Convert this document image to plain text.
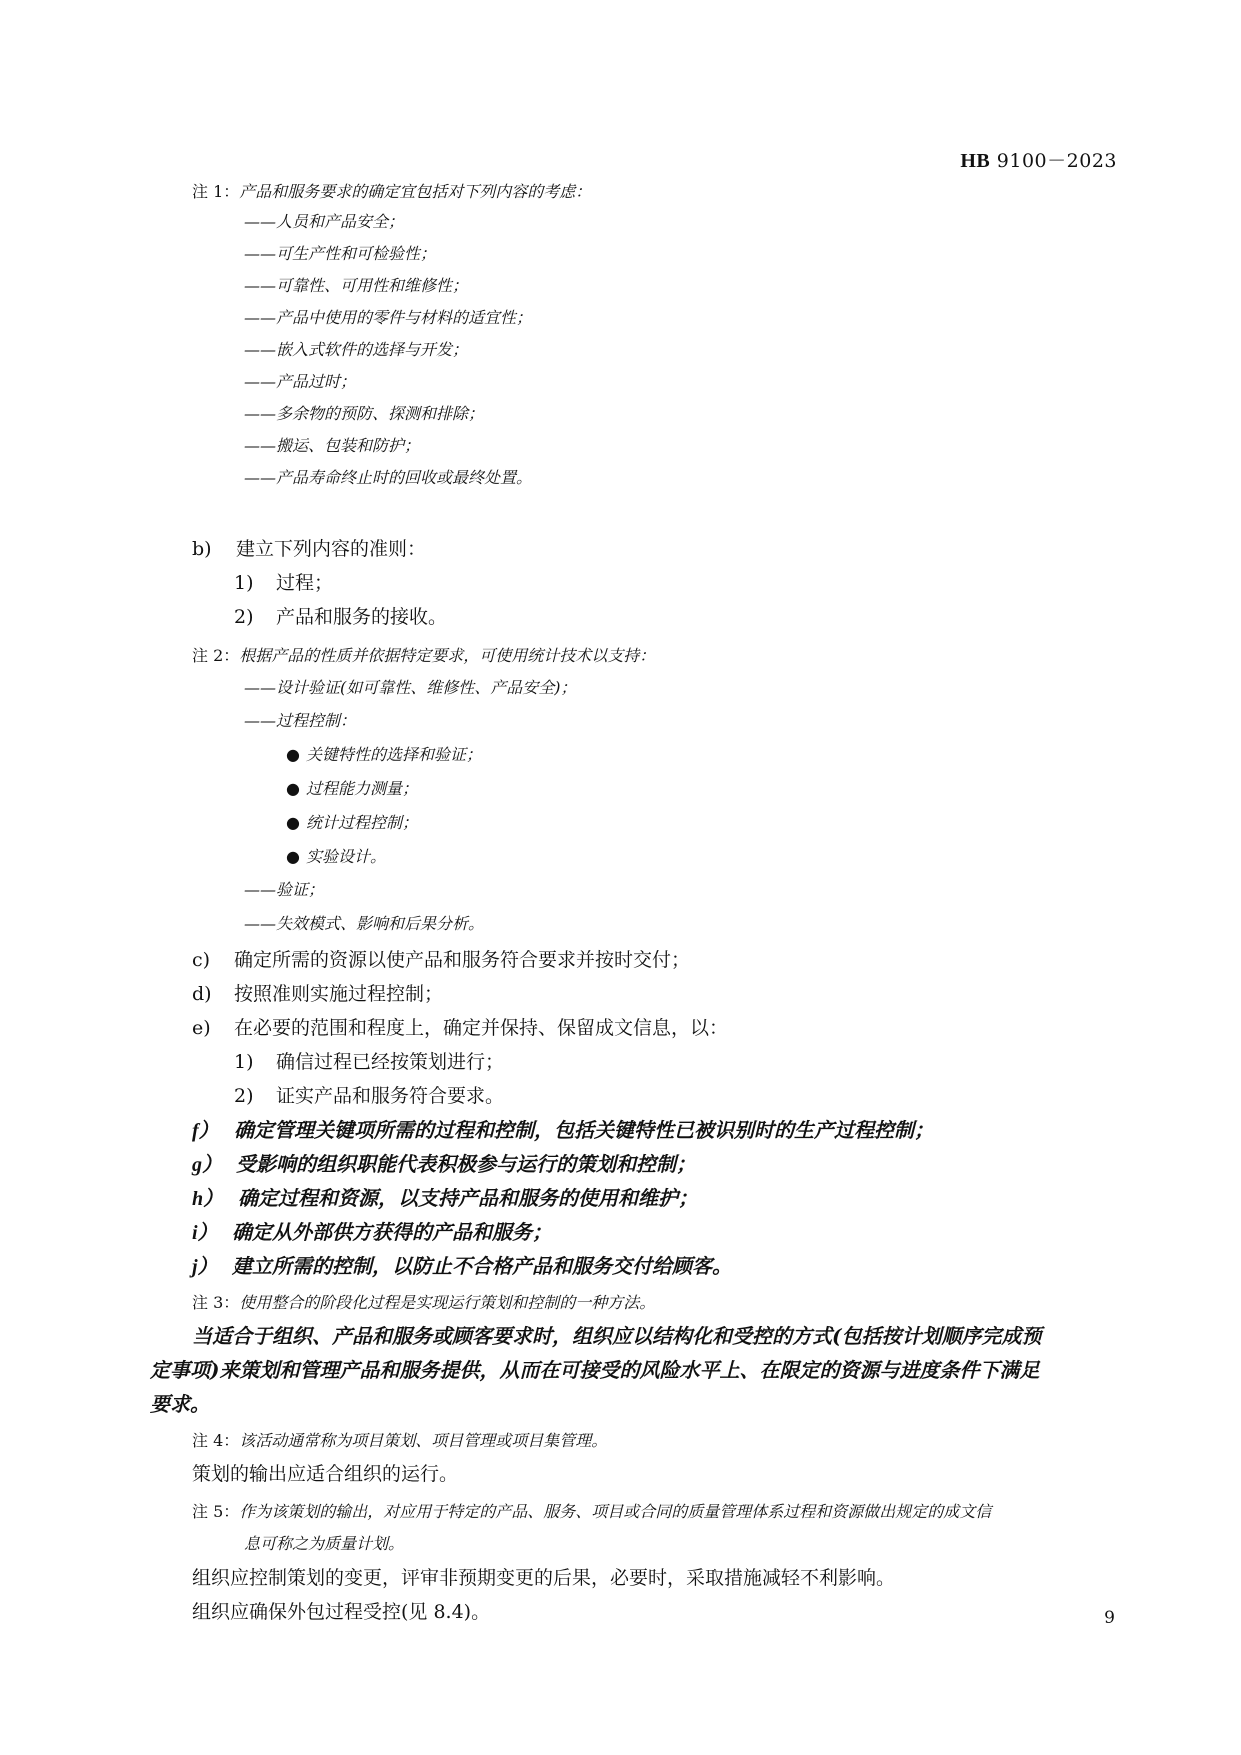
HB 9100－2023
注 1：产品和服务要求的确定宜包括对下列内容的考虑：
——人员和产品安全；
——可生产性和可检验性；
——可靠性、可用性和维修性；
——产品中使用的零件与材料的适宜性；
——嵌入式软件的选择与开发；
——产品过时；
——多余物的预防、探测和排除；
——搬运、包装和防护；
——产品寿命终止时的回收或最终处置。
b) 建立下列内容的准则：
1) 过程；
2) 产品和服务的接收。
注 2：根据产品的性质并依据特定要求，可使用统计技术以支持：
——设计验证(如可靠性、维修性、产品安全)；
——过程控制：
● 关键特性的选择和验证；
● 过程能力测量；
● 统计过程控制；
● 实验设计。
——验证；
——失效模式、影响和后果分析。
c) 确定所需的资源以使产品和服务符合要求并按时交付；
d) 按照准则实施过程控制；
e) 在必要的范围和程度上，确定并保持、保留成文信息，以：
1) 确信过程已经按策划进行；
2) 证实产品和服务符合要求。
f） 确定管理关键项所需的过程和控制，包括关键特性已被识别时的生产过程控制；
g） 受影响的组织职能代表积极参与运行的策划和控制；
h） 确定过程和资源，以支持产品和服务的使用和维护；
i） 确定从外部供方获得的产品和服务；
j） 建立所需的控制，以防止不合格产品和服务交付给顾客。
注 3：使用整合的阶段化过程是实现运行策划和控制的一种方法。
当适合于组织、产品和服务或顾客要求时，组织应以结构化和受控的方式(包括按计划顺序完成预
定事项)来策划和管理产品和服务提供，从而在可接受的风险水平上、在限定的资源与进度条件下满足
要求。
注 4：该活动通常称为项目策划、项目管理或项目集管理。
策划的输出应适合组织的运行。
注 5：作为该策划的输出，对应用于特定的产品、服务、项目或合同的质量管理体系过程和资源做出规定的成文信
息可称之为质量计划。
组织应控制策划的变更，评审非预期变更的后果，必要时，采取措施减轻不利影响。
组织应确保外包过程受控(见 8.4)。	9
